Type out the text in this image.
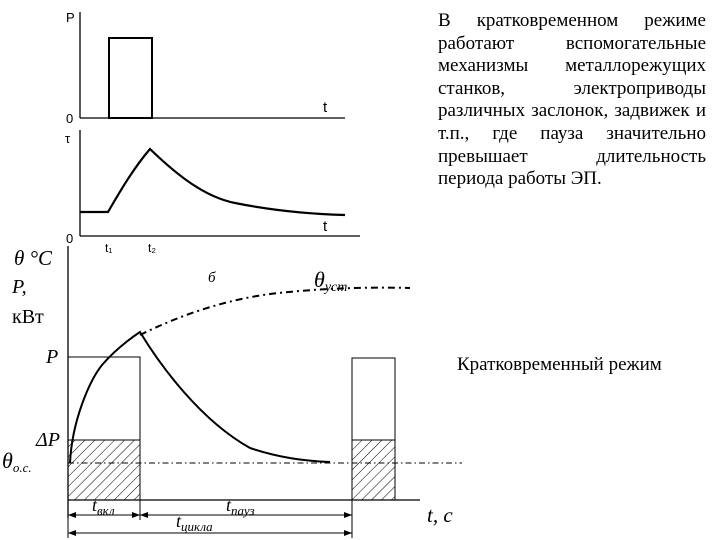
P
0
t
τ
0
t
t₁	t₂
б
θ °С
P,
кВт
θуст
P
ΔP
θо.с.
$t_{вкл}$	$t_{пауз}$
$t_{цикла}$	t, с

В кратковременном режиме работают вспомогательные механизмы металлорежущих станков, электроприводы различных заслонок, задвижек и т.п., где пауза значительно превышает длительность периода работы ЭП.

Кратковременный режим
